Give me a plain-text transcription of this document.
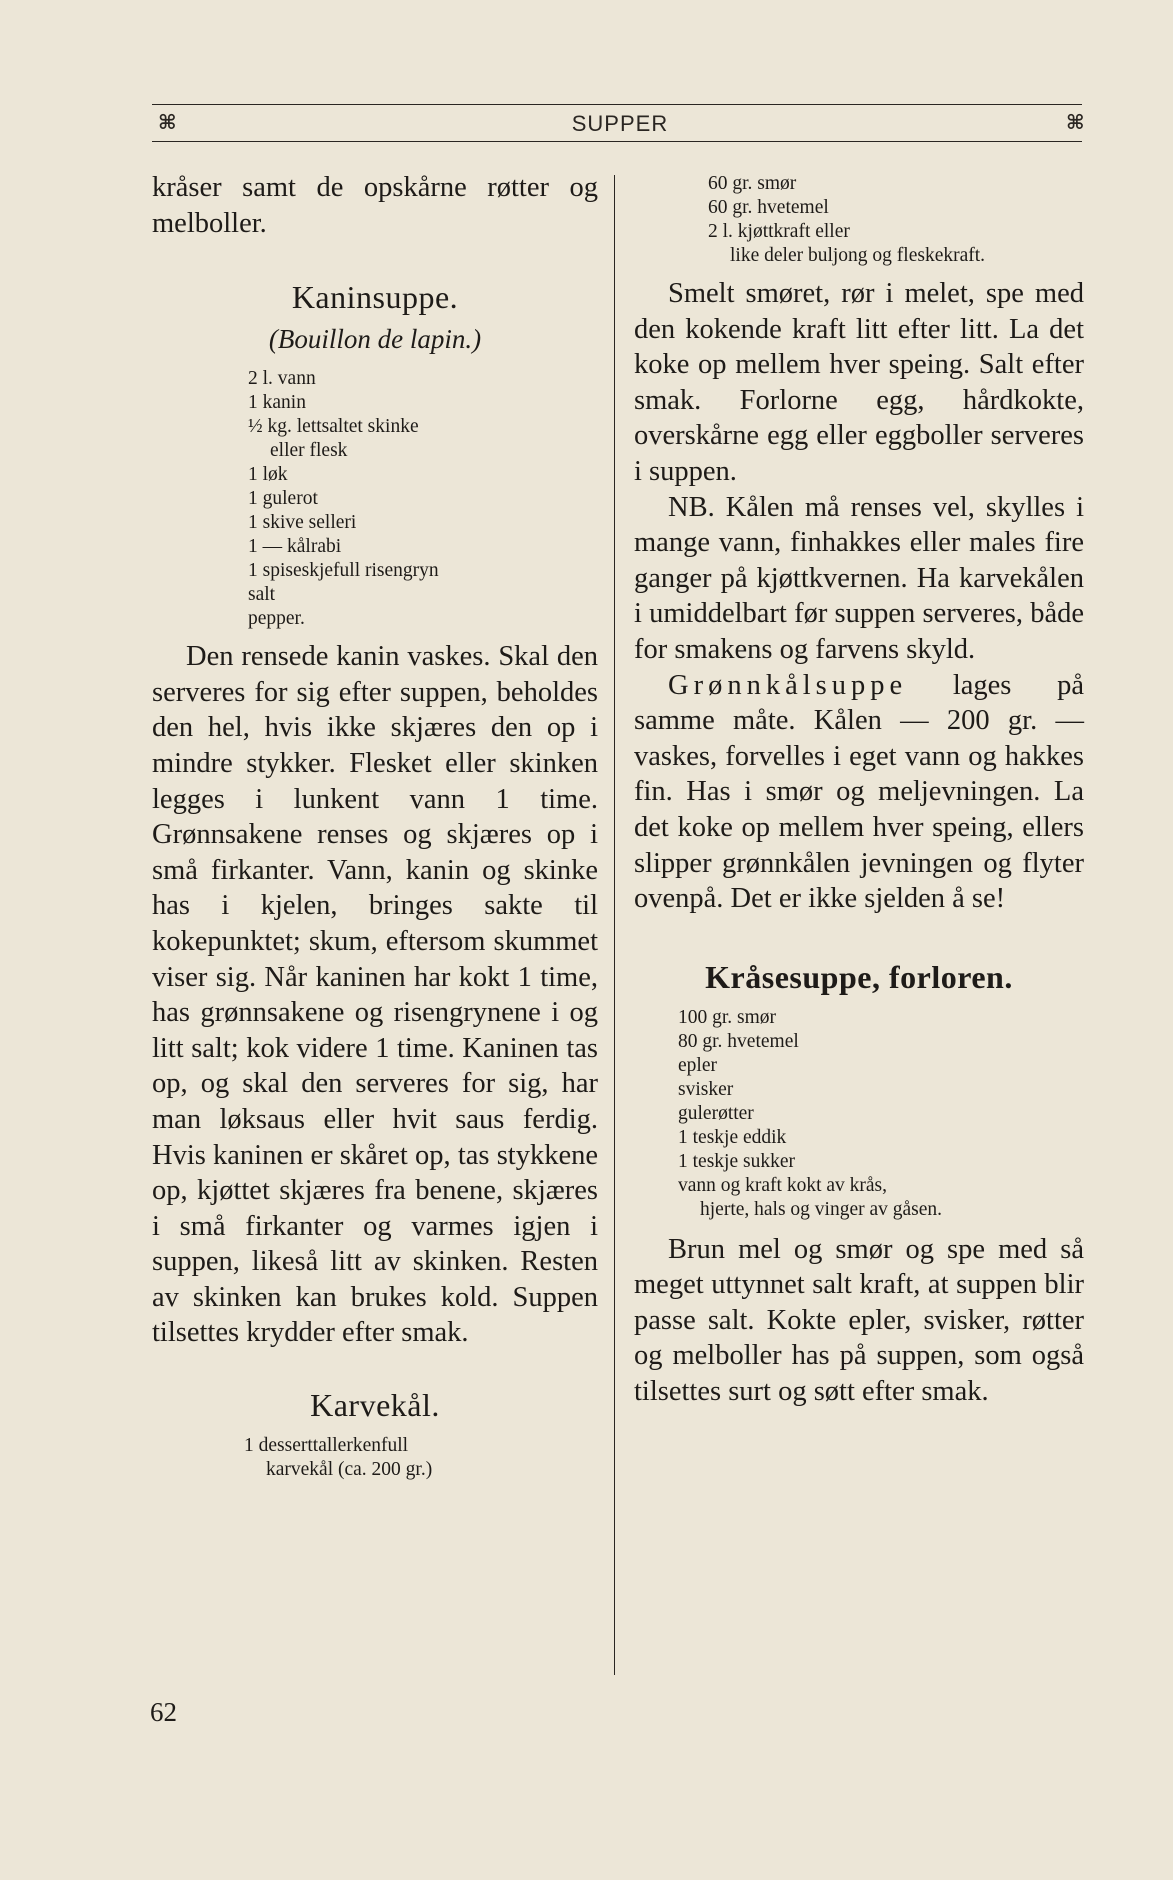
⌘	SUPPER	⌘

kråser samt de opskårne røtter og melboller.

Kaninsuppe.

(Bouillon de lapin.)

2 l. vann

1 kanin

½ kg. lettsaltet skinke

eller flesk

1 løk

1 gulerot

1 skive selleri

1 — kålrabi

1 spiseskjefull risengryn

salt

pepper.

Den rensede kanin vaskes. Skal den serveres for sig efter suppen, beholdes den hel, hvis ikke skjæres den op i mindre stykker. Flesket eller skinken legges i lunkent vann 1 time. Grønnsakene renses og skjæres op i små firkanter. Vann, kanin og skinke has i kjelen, bringes sakte til kokepunktet; skum, eftersom skummet viser sig. Når kaninen har kokt 1 time, has grønnsakene og risengrynene i og litt salt; kok videre 1 time. Kaninen tas op, og skal den serveres for sig, har man løksaus eller hvit saus ferdig. Hvis kaninen er skåret op, tas stykkene op, kjøttet skjæres fra benene, skjæres i små firkanter og varmes igjen i suppen, likeså litt av skinken. Resten av skinken kan brukes kold. Suppen tilsettes krydder efter smak.

Karvekål.

1 desserttallerkenfull

karvekål (ca. 200 gr.)

60 gr. smør

60 gr. hvetemel

2 l. kjøttkraft eller

like deler buljong og fleskekraft.

Smelt smøret, rør i melet, spe med den kokende kraft litt efter litt. La det koke op mellem hver speing. Salt efter smak. Forlorne egg, hårdkokte, overskårne egg eller eggboller serveres i suppen.

NB. Kålen må renses vel, skylles i mange vann, finhakkes eller males fire ganger på kjøttkvernen. Ha karvekålen i umiddelbart før suppen serveres, både for smakens og farvens skyld.

Grønnkålsuppe lages på samme måte. Kålen — 200 gr. — vaskes, forvelles i eget vann og hakkes fin. Has i smør og meljevningen. La det koke op mellem hver speing, ellers slipper grønnkålen jevningen og flyter ovenpå. Det er ikke sjelden å se!

Kråsesuppe, forloren.

100 gr. smør

80 gr. hvetemel

epler

svisker

gulerøtter

1 teskje eddik

1 teskje sukker

vann og kraft kokt av krås,

hjerte, hals og vinger av gåsen.

Brun mel og smør og spe med så meget uttynnet salt kraft, at suppen blir passe salt. Kokte epler, svisker, røtter og melboller has på suppen, som også tilsettes surt og søtt efter smak.

62
